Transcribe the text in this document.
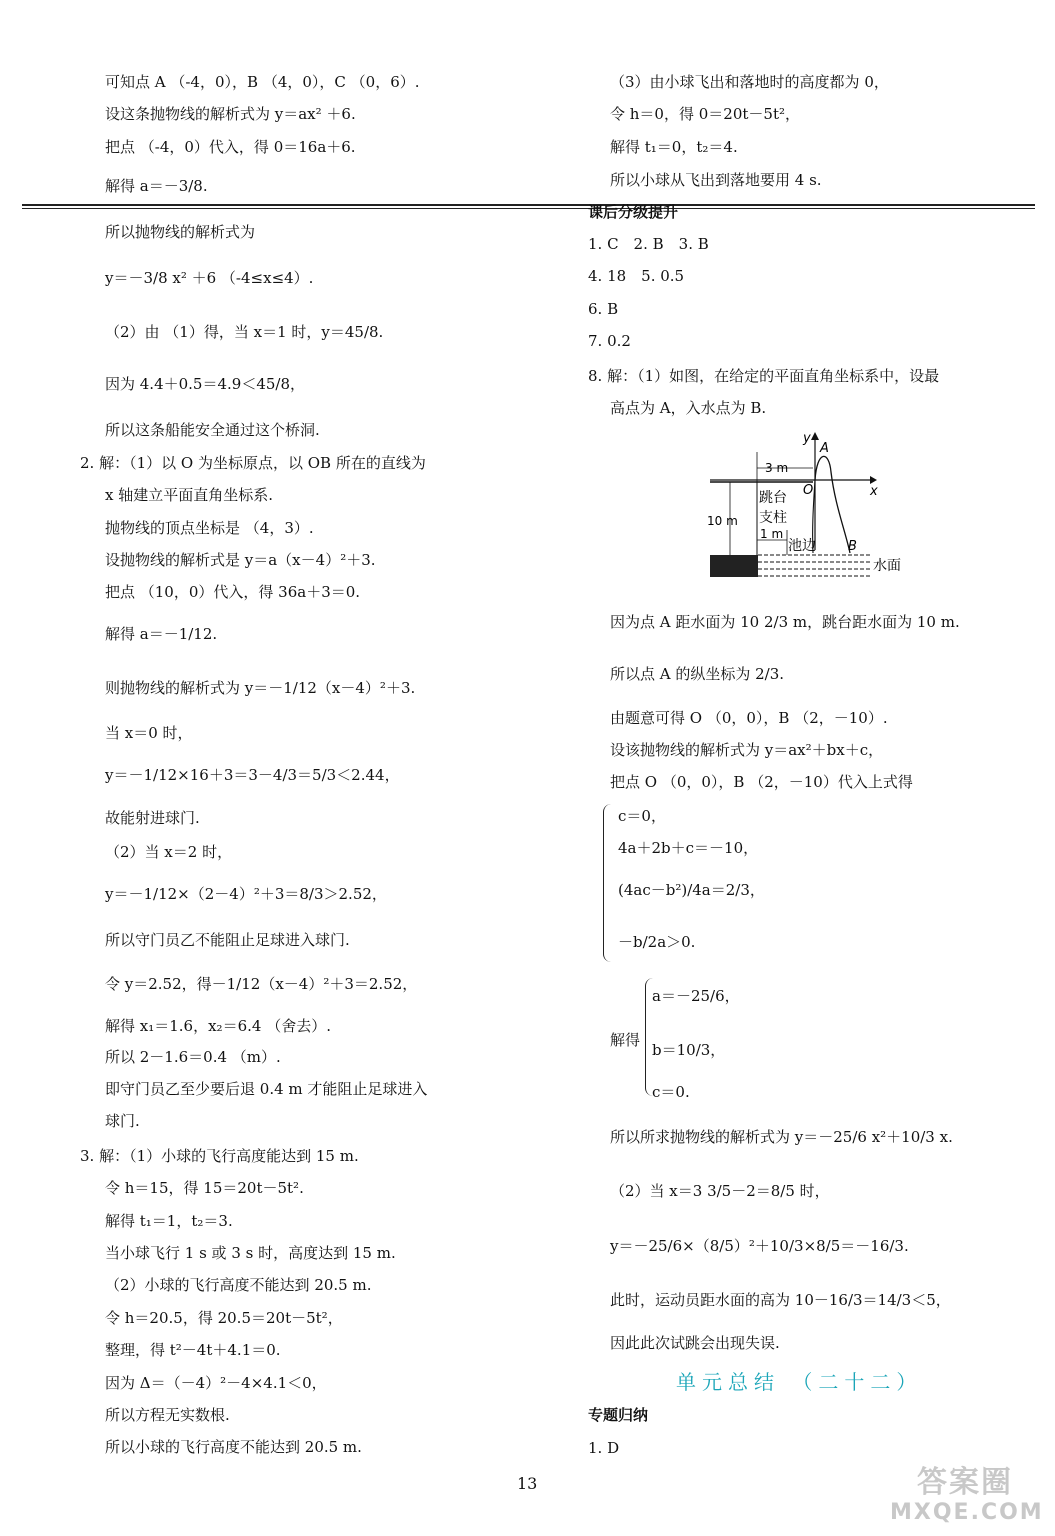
可知点 A （-4，0），B （4，0），C （0，6）.
设这条抛物线的解析式为 y＝ax² ＋6.
把点 （-4，0）代入，得 0＝16a＋6.
解得 a＝－3/8.
所以抛物线的解析式为
y＝－3/8 x² ＋6 （-4≤x≤4）.
（2）由 （1）得，当 x＝1 时，y＝45/8.
因为 4.4＋0.5＝4.9＜45/8，
所以这条船能安全通过这个桥洞.
2. 解：（1）以 O 为坐标原点，以 OB 所在的直线为
x 轴建立平面直角坐标系.
抛物线的顶点坐标是 （4，3）.
设抛物线的解析式是 y＝a（x－4）²＋3.
把点 （10，0）代入，得 36a＋3＝0.
解得 a＝－1/12.
则抛物线的解析式为 y＝－1/12（x－4）²＋3.
当 x＝0 时，
y＝－1/12×16＋3＝3－4/3＝5/3＜2.44，
故能射进球门.
（2）当 x＝2 时，
y＝－1/12×（2－4）²＋3＝8/3＞2.52，
所以守门员乙不能阻止足球进入球门.
令 y＝2.52，得－1/12（x－4）²＋3＝2.52，
解得 x₁＝1.6，x₂＝6.4 （舍去）.
所以 2－1.6＝0.4 （m）.
即守门员乙至少要后退 0.4 m 才能阻止足球进入
球门.
3. 解：（1）小球的飞行高度能达到 15 m.
令 h＝15，得 15＝20t－5t².
解得 t₁＝1，t₂＝3.
当小球飞行 1 s 或 3 s 时，高度达到 15 m.
（2）小球的飞行高度不能达到 20.5 m.
令 h＝20.5，得 20.5＝20t－5t²，
整理，得 t²－4t＋4.1＝0.
因为 Δ＝（－4）²－4×4.1＜0，
所以方程无实数根.
所以小球的飞行高度不能达到 20.5 m.
（3）由小球飞出和落地时的高度都为 0，
令 h＝0，得 0＝20t－5t²，
解得 t₁＝0，t₂＝4.
所以小球从飞出到落地要用 4 s.
课后分级提升
1. C　2. B　3. B
4. 18　5. 0.5
6. B
7. 0.2
8. 解：（1）如图，在给定的平面直角坐标系中，设最
高点为 A，入水点为 B.
y
x
A
O
B
3 m
10 m
1 m
跳台
支柱
池边
水面
因为点 A 距水面为 10 2/3 m，跳台距水面为 10 m.
所以点 A 的纵坐标为 2/3.
由题意可得 O （0，0），B （2，－10）.
设该抛物线的解析式为 y＝ax²＋bx＋c，
把点 O （0，0），B （2，－10）代入上式得
c＝0，
4a＋2b＋c＝－10，
(4ac－b²)/4a＝2/3，
－b/2a＞0.
解得
a＝－25/6，
b＝10/3，
c＝0.
所以所求抛物线的解析式为 y＝－25/6 x²＋10/3 x.
（2）当 x＝3 3/5－2＝8/5 时，
y＝－25/6×（8/5）²＋10/3×8/5＝－16/3.
此时，运动员距水面的高为 10－16/3＝14/3＜5，
因此此次试跳会出现失误.
单元总结 （二十二）
专题归纳
1. D
13	答案圈
MXQE.COM
